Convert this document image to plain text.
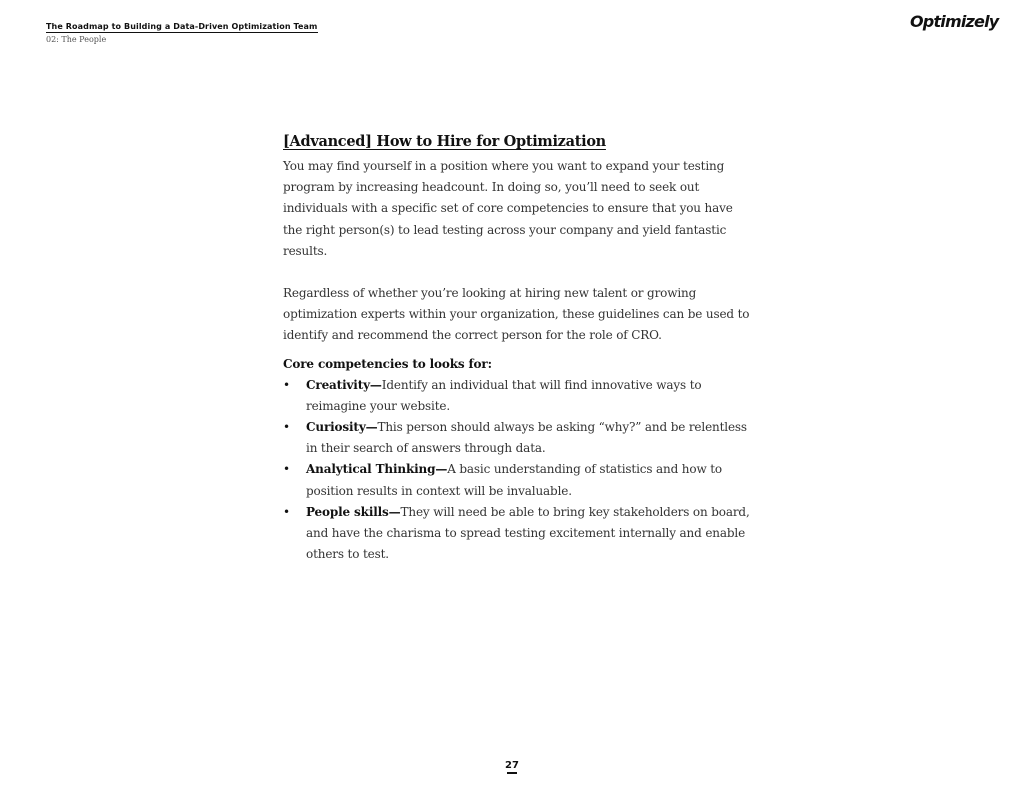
The Roadmap to Building a Data-Driven Optimization Team
02: The People
Optimizely
[Advanced] How to Hire for Optimization

You may find yourself in a position where you want to expand your testing program by increasing headcount. In doing so, you’ll need to seek out individuals with a specific set of core competencies to ensure that you have the right person(s) to lead testing across your company and yield fantastic results.

Regardless of whether you’re looking at hiring new talent or growing optimization experts within your organization, these guidelines can be used to identify and recommend the correct person for the role of CRO.

Core competencies to looks for:

• Creativity—Identify an individual that will find innovative ways to reimagine your website.
• Curiosity—This person should always be asking “why?” and be relentless in their search of answers through data.
• Analytical Thinking—A basic understanding of statistics and how to position results in context will be invaluable.
• People skills—They will need be able to bring key stakeholders on board, and have the charisma to spread testing excitement internally and enable others to test.
27
